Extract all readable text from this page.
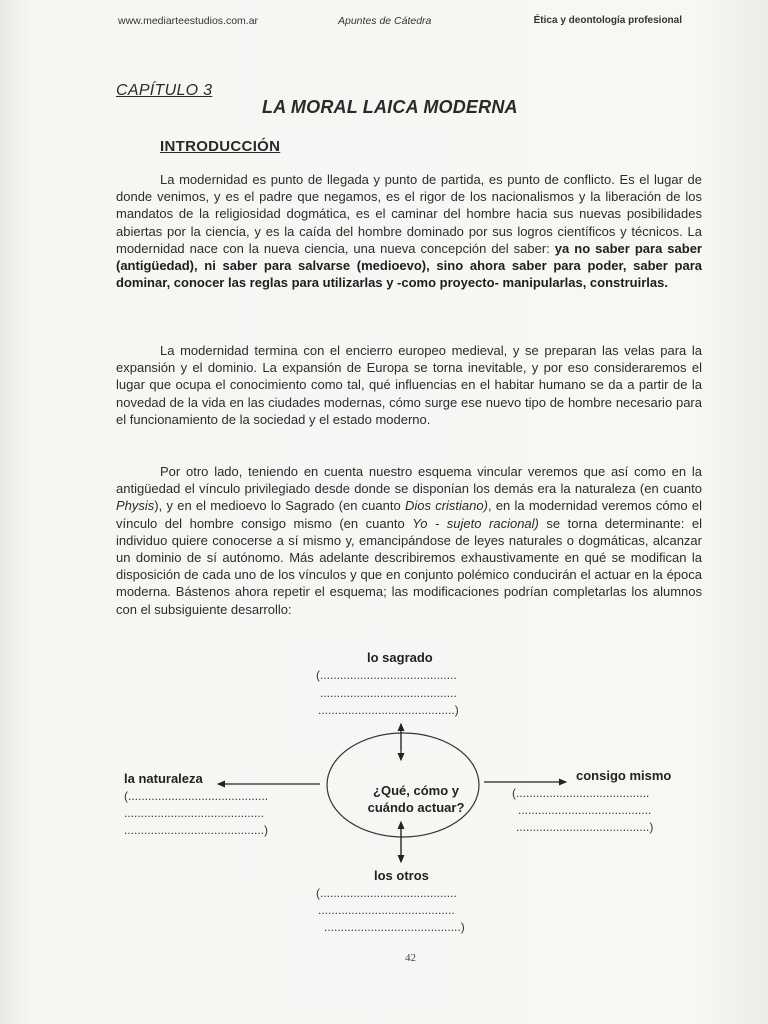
www.mediarteestudios.com.ar	Apuntes de Cátedra	Ética y deontología profesional
CAPÍTULO 3
LA MORAL LAICA MODERNA
INTRODUCCIÓN
La modernidad es punto de llegada y punto de partida, es punto de conflicto. Es el lugar de donde venimos, y es el padre que negamos, es el rigor de los nacionalismos y la liberación de los mandatos de la religiosidad dogmática, es el caminar del hombre hacia sus nuevas posibilidades abiertas por la ciencia, y es la caída del hombre dominado por sus logros científicos y técnicos. La modernidad nace con la nueva ciencia, una nueva concepción del saber: ya no saber para saber (antigüedad), ni saber para salvarse (medioevo), sino ahora saber para poder, saber para dominar, conocer las reglas para utilizarlas y -como proyecto- manipularlas, construirlas.
La modernidad termina con el encierro europeo medieval, y se preparan las velas para la expansión y el dominio. La expansión de Europa se torna inevitable, y por eso consideraremos el lugar que ocupa el conocimiento como tal, qué influencias en el habitar humano se da a partir de la novedad de la vida en las ciudades modernas, cómo surge ese nuevo tipo de hombre necesario para el funcionamiento de la sociedad y el estado moderno.
Por otro lado, teniendo en cuenta nuestro esquema vincular veremos que así como en la antigüedad el vínculo privilegiado desde donde se disponían los demás era la naturaleza (en cuanto Physis), y en el medioevo lo Sagrado (en cuanto Dios cristiano), en la modernidad veremos cómo el vínculo del hombre consigo mismo (en cuanto Yo - sujeto racional) se torna determinante: el individuo quiere conocerse a sí mismo y, emancipándose de leyes naturales o dogmáticas, alcanzar un dominio de sí autónomo. Más adelante describiremos exhaustivamente en qué se modifican la disposición de cada uno de los vínculos y que en conjunto polémico conducirán el actuar en la época moderna. Bástenos ahora repetir el esquema; las modificaciones podrían completarlas los alumnos con el subsiguiente desarrollo:
lo sagrado
(.........................................
.........................................
.........................................)
la naturaleza
(..........................................
..........................................
..........................................)
consigo mismo
(........................................
........................................
........................................)
¿Qué, cómo y
cuándo actuar?
los otros
(.........................................
.........................................
.........................................)
42
